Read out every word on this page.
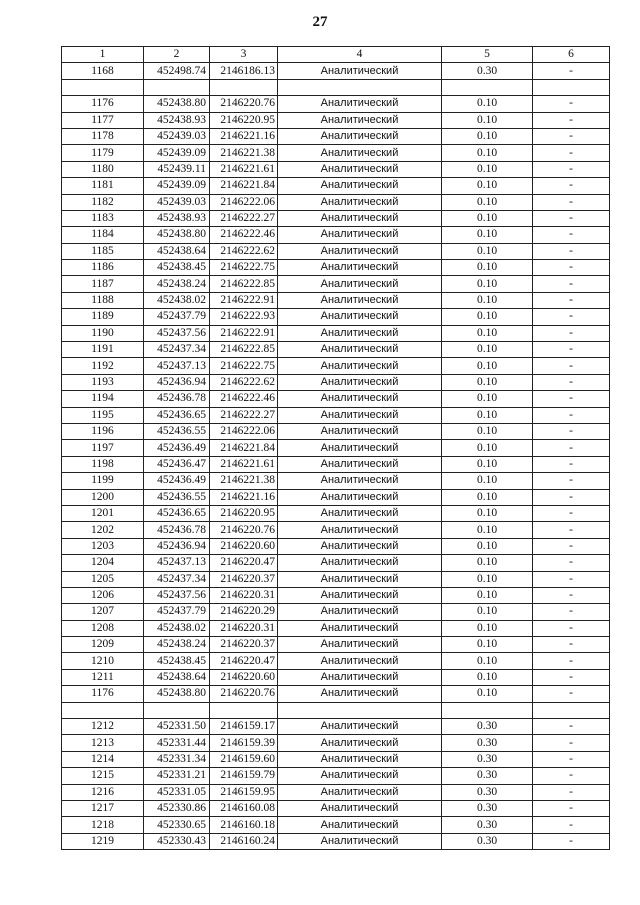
27
1	2	3	4	5	6
1168	452498.74	2146186.13	Аналитический	0.30	-

1176	452438.80	2146220.76	Аналитический	0.10	-
1177	452438.93	2146220.95	Аналитический	0.10	-
1178	452439.03	2146221.16	Аналитический	0.10	-
1179	452439.09	2146221.38	Аналитический	0.10	-
1180	452439.11	2146221.61	Аналитический	0.10	-
1181	452439.09	2146221.84	Аналитический	0.10	-
1182	452439.03	2146222.06	Аналитический	0.10	-
1183	452438.93	2146222.27	Аналитический	0.10	-
1184	452438.80	2146222.46	Аналитический	0.10	-
1185	452438.64	2146222.62	Аналитический	0.10	-
1186	452438.45	2146222.75	Аналитический	0.10	-
1187	452438.24	2146222.85	Аналитический	0.10	-
1188	452438.02	2146222.91	Аналитический	0.10	-
1189	452437.79	2146222.93	Аналитический	0.10	-
1190	452437.56	2146222.91	Аналитический	0.10	-
1191	452437.34	2146222.85	Аналитический	0.10	-
1192	452437.13	2146222.75	Аналитический	0.10	-
1193	452436.94	2146222.62	Аналитический	0.10	-
1194	452436.78	2146222.46	Аналитический	0.10	-
1195	452436.65	2146222.27	Аналитический	0.10	-
1196	452436.55	2146222.06	Аналитический	0.10	-
1197	452436.49	2146221.84	Аналитический	0.10	-
1198	452436.47	2146221.61	Аналитический	0.10	-
1199	452436.49	2146221.38	Аналитический	0.10	-
1200	452436.55	2146221.16	Аналитический	0.10	-
1201	452436.65	2146220.95	Аналитический	0.10	-
1202	452436.78	2146220.76	Аналитический	0.10	-
1203	452436.94	2146220.60	Аналитический	0.10	-
1204	452437.13	2146220.47	Аналитический	0.10	-
1205	452437.34	2146220.37	Аналитический	0.10	-
1206	452437.56	2146220.31	Аналитический	0.10	-
1207	452437.79	2146220.29	Аналитический	0.10	-
1208	452438.02	2146220.31	Аналитический	0.10	-
1209	452438.24	2146220.37	Аналитический	0.10	-
1210	452438.45	2146220.47	Аналитический	0.10	-
1211	452438.64	2146220.60	Аналитический	0.10	-
1176	452438.80	2146220.76	Аналитический	0.10	-

1212	452331.50	2146159.17	Аналитический	0.30	-
1213	452331.44	2146159.39	Аналитический	0.30	-
1214	452331.34	2146159.60	Аналитический	0.30	-
1215	452331.21	2146159.79	Аналитический	0.30	-
1216	452331.05	2146159.95	Аналитический	0.30	-
1217	452330.86	2146160.08	Аналитический	0.30	-
1218	452330.65	2146160.18	Аналитический	0.30	-
1219	452330.43	2146160.24	Аналитический	0.30	-
